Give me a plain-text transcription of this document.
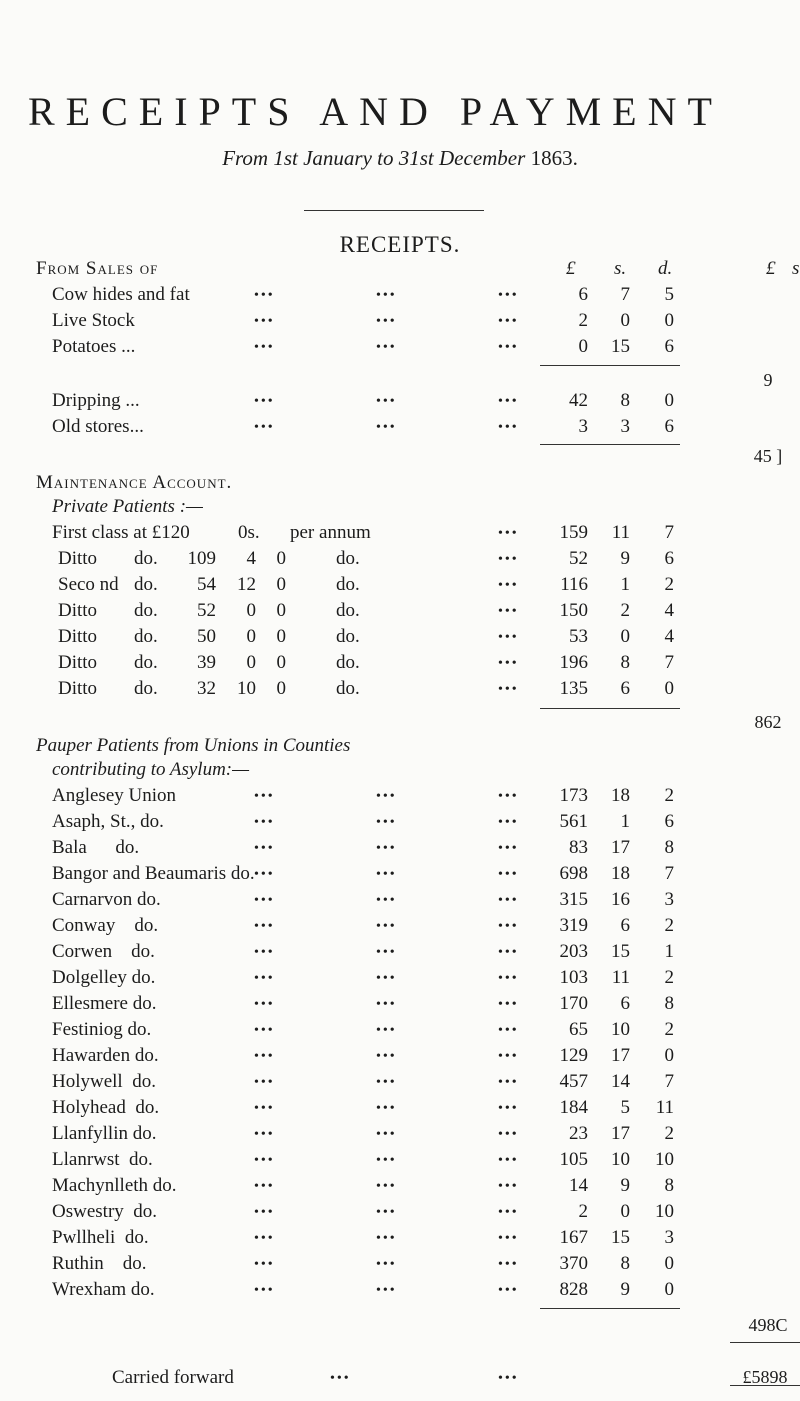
RECEIPTS AND PAYMENT
From 1st January to 31st December 1863.
RECEIPTS.
From Sales of	£ s. d.	£ s
Cow hides and fat	•••	•••	•••	6	7	5
Live Stock	•••	•••	•••	2	0	0
Potatoes ...	•••	•••	•••	0	15	6
9
Dripping ...	•••	•••	•••	42	8	0
Old stores...	•••	•••	•••	3	3	6
45 ]
Maintenance Account.
Private Patients :—
First class at £120	0s. per annum	•••	159	11	7
Ditto do.	109	4	0	do.	•••	52	9	6
Seco nd do.	54	12	0	do.	•••	116	1	2
Ditto do.	52	0	0	do.	•••	150	2	4
Ditto do.	50	0	0	do.	•••	53	0	4
Ditto do.	39	0	0	do.	•••	196	8	7
Ditto do.	32	10	0	do.	•••	135	6	0
862
Pauper Patients from Unions in Counties
contributing to Asylum:—
Anglesey Union	•••	•••	•••	173	18	2
Asaph, St., do.	•••	•••	•••	561	1	6
Bala      do.	•••	•••	•••	83	17	8
Bangor and Beaumaris do. •••	•••	•••	698	18	7
Carnarvon do.	•••	•••	•••	315	16	3
Conway    do.	•••	•••	•••	319	6	2
Corwen    do.	•••	•••	•••	203	15	1
Dolgelley do.	•••	•••	•••	103	11	2
Ellesmere do.	•••	•••	•••	170	6	8
Festiniog do.	•••	•••	•••	65	10	2
Hawarden do.	•••	•••	•••	129	17	0
Holywell  do.	•••	•••	•••	457	14	7
Holyhead  do.	•••	•••	•••	184	5	11
Llanfyllin do.	•••	•••	•••	23	17	2
Llanrwst  do.	•••	•••	•••	105	10	10
Machynlleth do.	•••	•••	•••	14	9	8
Oswestry  do.	•••	•••	•••	2	0	10
Pwllheli  do.	•••	•••	•••	167	15	3
Ruthin    do.	•••	•••	•••	370	8	0
Wrexham do.	•••	•••	•••	828	9	0
498C
Carried forward	•••	•••	£5898
